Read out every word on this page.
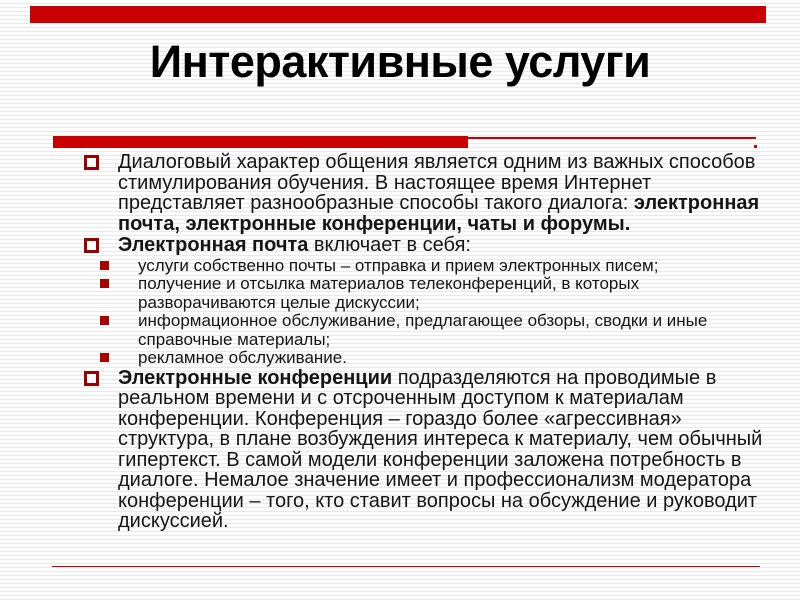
Интерактивные услуги
Диалоговый характер общения является одним из важных способов стимулирования обучения. В настоящее время Интернет представляет разнообразные способы такого диалога: электронная почта, электронные конференции, чаты и форумы.
Электронная почта включает в себя:
услуги собственно почты – отправка и прием электронных писем;
получение и отсылка материалов телеконференций, в которых разворачиваются целые дискуссии;
информационное обслуживание, предлагающее обзоры, сводки и иные справочные материалы;
рекламное обслуживание.
Электронные конференции подразделяются на проводимые в реальном времени и с отсроченным доступом к материалам конференции. Конференция – гораздо более «агрессивная» структура, в плане возбуждения интереса к материалу, чем обычный гипертекст. В самой модели конференции заложена потребность в диалоге. Немалое значение имеет и профессионализм модератора конференции – того, кто ставит вопросы на обсуждение и руководит дискуссией.
